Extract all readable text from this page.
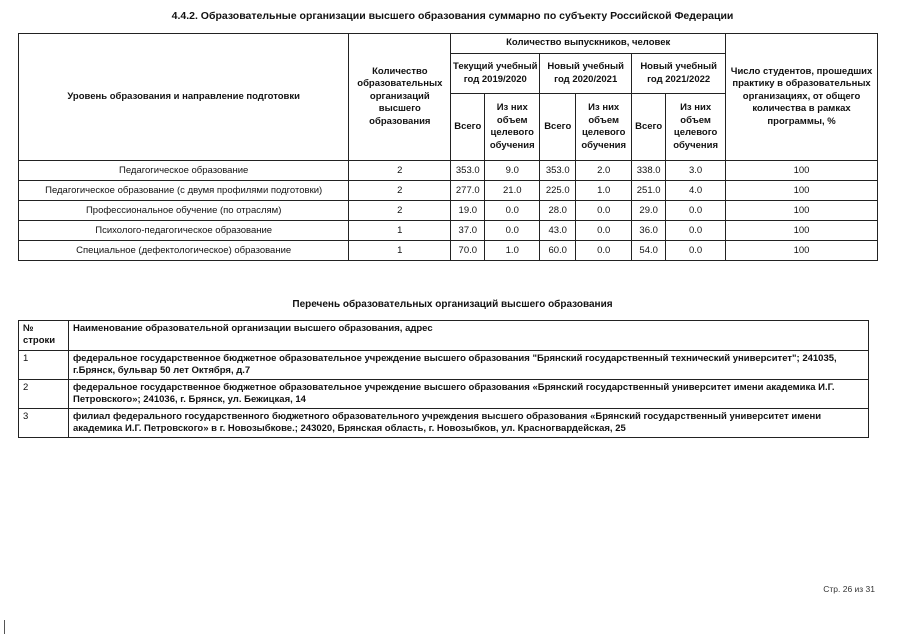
4.4.2. Образовательные организации высшего образования суммарно по субъекту Российской Федерации
Уровень образования и направление подготовки	Количество образовательных организаций высшего образования	Количество выпускников, человек						Число студентов, прошедших практику в образовательных организациях, от общего количества в рамках программы, %
		Текущий учебный год 2019/2020		Новый учебный год 2020/2021		Новый учебный год 2021/2022		
		Всего	Из них объем целевого обучения	Всего	Из них объем целевого обучения	Всего	Из них объем целевого обучения	
Педагогическое образование	2	353.0	9.0	353.0	2.0	338.0	3.0	100
Педагогическое образование (с двумя профилями подготовки)	2	277.0	21.0	225.0	1.0	251.0	4.0	100
Профессиональное обучение (по отраслям)	2	19.0	0.0	28.0	0.0	29.0	0.0	100
Психолого-педагогическое образование	1	37.0	0.0	43.0	0.0	36.0	0.0	100
Специальное (дефектологическое) образование	1	70.0	1.0	60.0	0.0	54.0	0.0	100
Перечень образовательных организаций высшего образования
№ строки	Наименование образовательной организации высшего образования, адрес
1	федеральное государственное бюджетное образовательное учреждение высшего образования "Брянский государственный технический университет"; 241035, г.Брянск, бульвар 50 лет Октября, д.7
2	федеральное государственное бюджетное образовательное учреждение высшего образования «Брянский государственный университет имени академика И.Г. Петровского»; 241036, г. Брянск, ул. Бежицкая, 14
3	филиал федерального государственного бюджетного образовательного учреждения высшего образования «Брянский государственный университет имени академика И.Г. Петровского» в г. Новозыбкове.; 243020, Брянская область, г. Новозыбков, ул. Красногвардейская, 25
Стр. 26 из 31
